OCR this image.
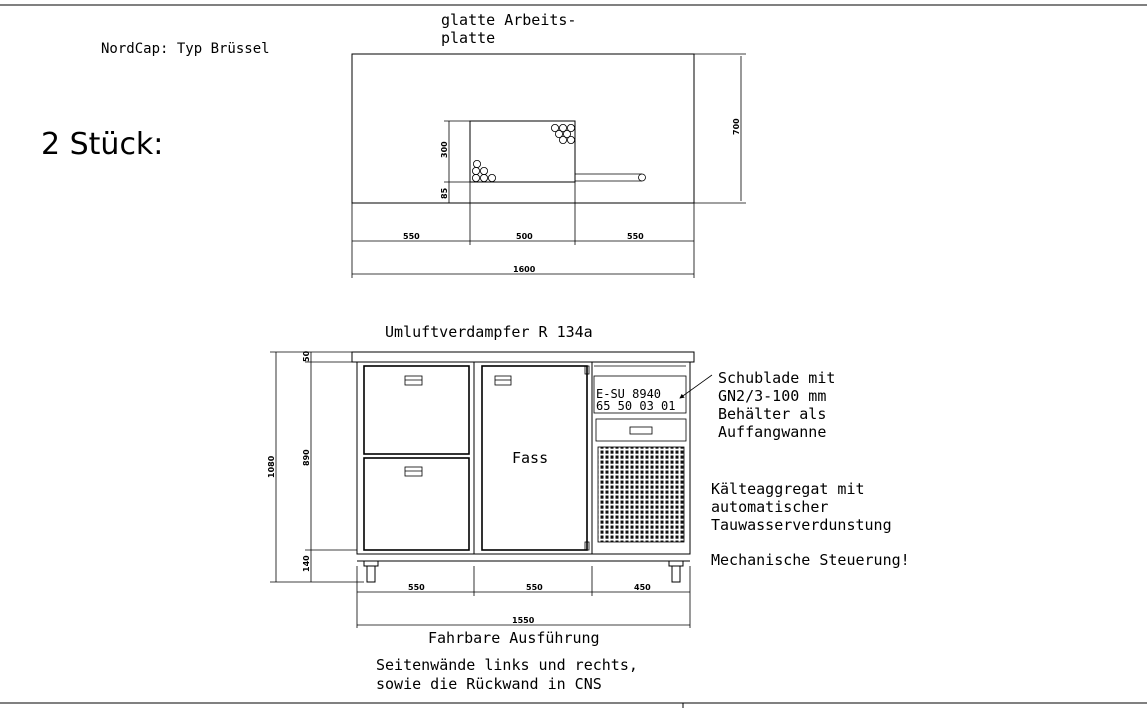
NordCap: Typ Brüssel
2 Stück:
glatte Arbeits-
platte
700
300
85
550	500	550
1600
Umluftverdampfer R 134a
Fass
E-SU 8940
65 50 03 01
1080
50
890
140
550	550	450
1550
Schublade mit
GN2/3-100 mm
Behälter als
Auffangwanne
Kälteaggregat mit
automatischer
Tauwasserverdunstung
Mechanische Steuerung!
Fahrbare Ausführung
Seitenwände links und rechts,
sowie die Rückwand in CNS
